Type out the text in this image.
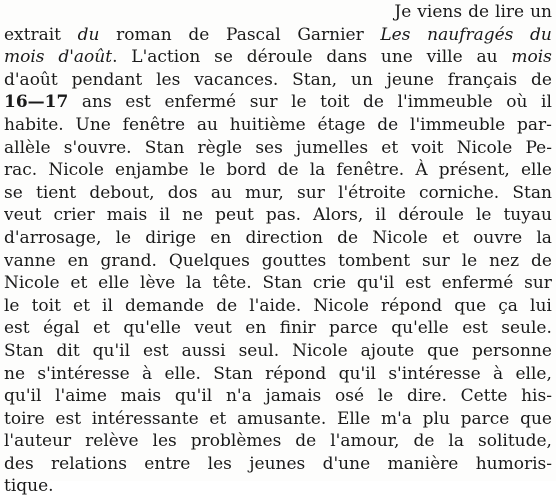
Je viens de lire un
extrait du roman de Pascal Garnier Les naufragés du
mois d'août. L'action se déroule dans une ville au mois
d'août pendant les vacances. Stan, un jeune français de
16—17 ans est enfermé sur le toit de l'immeuble où il
habite. Une fenêtre au huitième étage de l'immeuble par-
allèle s'ouvre. Stan règle ses jumelles et voit Nicole Pe-
rac. Nicole enjambe le bord de la fenêtre. À présent, elle
se tient debout, dos au mur, sur l'étroite corniche. Stan
veut crier mais il ne peut pas. Alors, il déroule le tuyau
d'arrosage, le dirige en direction de Nicole et ouvre la
vanne en grand. Quelques gouttes tombent sur le nez de
Nicole et elle lève la tête. Stan crie qu'il est enfermé sur
le toit et il demande de l'aide. Nicole répond que ça lui
est égal et qu'elle veut en finir parce qu'elle est seule.
Stan dit qu'il est aussi seul. Nicole ajoute que personne
ne s'intéresse à elle. Stan répond qu'il s'intéresse à elle,
qu'il l'aime mais qu'il n'a jamais osé le dire. Cette his-
toire est intéressante et amusante. Elle m'a plu parce que
l'auteur relève les problèmes de l'amour, de la solitude,
des relations entre les jeunes d'une manière humoris-
tique.
